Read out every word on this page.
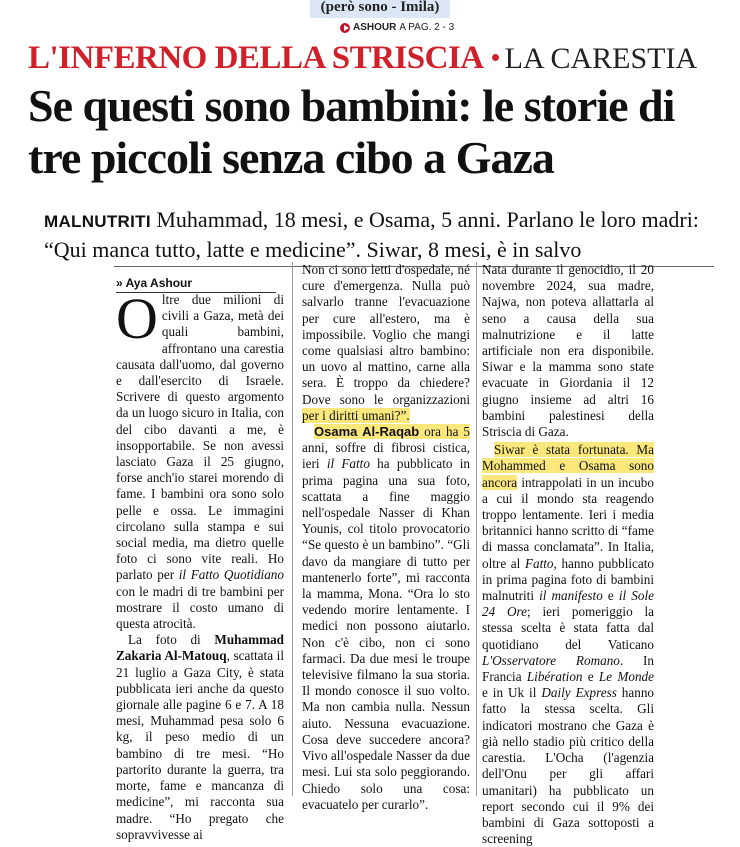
(però sono - Imila)
ASHOUR A PAG. 2 - 3
L'INFERNO DELLA STRISCIA LA CARESTIA
Se questi sono bambini: le storie di tre piccoli senza cibo a Gaza
MALNUTRITI Muhammad, 18 mesi, e Osama, 5 anni. Parlano le loro madri: “Qui manca tutto, latte e medicine”. Siwar, 8 mesi, è in salvo
» Aya Ashour

Oltre due milioni di civili a Gaza, metà dei quali bambini, affrontano una carestia causata dall'uomo, dal governo e dall'esercito di Israele. Scrivere di questo argomento da un luogo sicuro in Italia, con del cibo davanti a me, è insopportabile. Se non avessi lasciato Gaza il 25 giugno, forse anch'io starei morendo di fame. I bambini ora sono solo pelle e ossa. Le immagini circolano sulla stampa e sui social media, ma dietro quelle foto ci sono vite reali. Ho parlato per il Fatto Quotidiano con le madri di tre bambini per mostrare il costo umano di questa atrocità.

La foto di Muhammad Zakaria Al-Matouq, scattata il 21 luglio a Gaza City, è stata pubblicata ieri anche da questo giornale alle pagine 6 e 7. A 18 mesi, Muhammad pesa solo 6 kg, il peso medio di un bambino di tre mesi. “Ho partorito durante la guerra, tra morte, fame e mancanza di medicine”, mi racconta sua madre. “Ho pregato che sopravvivesse ai

Non ci sono letti d'ospedale, né cure d'emergenza. Nulla può salvarlo tranne l'evacuazione per cure all'estero, ma è impossibile. Voglio che mangi come qualsiasi altro bambino: un uovo al mattino, carne alla sera. È troppo da chiedere? Dove sono le organizzazioni per i diritti umani?”.

Osama Al-Raqab ora ha 5 anni, soffre di fibrosi cistica, ieri il Fatto ha pubblicato in prima pagina una sua foto, scattata a fine maggio nell'ospedale Nasser di Khan Younis, col titolo provocatorio “Se questo è un bambino”. “Gli davo da mangiare di tutto per mantenerlo forte”, mi racconta la mamma, Mona. “Ora lo sto vedendo morire lentamente. I medici non possono aiutarlo. Non c'è cibo, non ci sono farmaci. Da due mesi le troupe televisive filmano la sua storia. Il mondo conosce il suo volto. Ma non cambia nulla. Nessun aiuto. Nessuna evacuazione. Cosa deve succedere ancora? Vivo all'ospedale Nasser da due mesi. Lui sta solo peggiorando. Chiedo solo una cosa: evacuatelo per curarlo”.

Nata durante il genocidio, il 20 novembre 2024, sua madre, Najwa, non poteva allattarla al seno a causa della sua malnutrizione e il latte artificiale non era disponibile. Siwar e la mamma sono state evacuate in Giordania il 12 giugno insieme ad altri 16 bambini palestinesi della Striscia di Gaza.

Siwar è stata fortunata. Ma Mohammed e Osama sono ancora intrappolati in un incubo a cui il mondo sta reagendo troppo lentamente. Ieri i media britannici hanno scritto di “fame di massa conclamata”. In Italia, oltre al Fatto, hanno pubblicato in prima pagina foto di bambini malnutriti il manifesto e il Sole 24 Ore; ieri pomeriggio la stessa scelta è stata fatta dal quotidiano del Vaticano L'Osservatore Romano. In Francia Libération e Le Monde e in Uk il Daily Express hanno fatto la stessa scelta. Gli indicatori mostrano che Gaza è già nello stadio più critico della carestia. L'Ocha (l'agenzia dell'Onu per gli affari umanitari) ha pubblicato un report secondo cui il 9% dei bambini di Gaza sottoposti a screening
